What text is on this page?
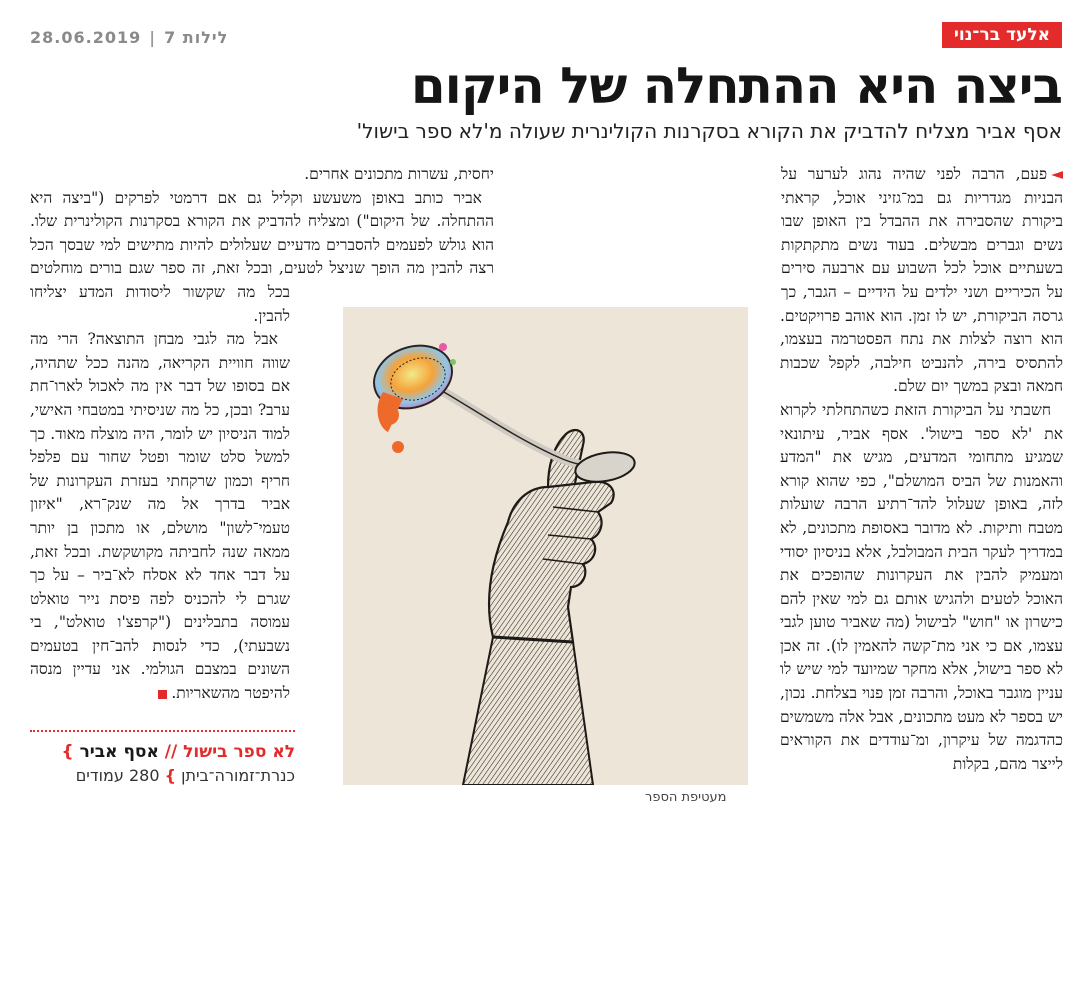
28.06.2019 | 7 לילות	אלעד בר־נוי
ביצה היא ההתחלה של היקום
אסף אביר מצליח להדביק את הקורא בסקרנות הקולינרית שעולה מ'לא ספר בישול'

◄פעם, הרבה לפני שהיה נהוג לערער על הבניות מגדריות גם במ־גזיני אוכל, קראתי ביקורת שהסבירה את ההבדל בין האופן שבו נשים וגברים מבשלים. בעוד נשים מתקתקות בשעתיים אוכל לכל השבוע עם ארבעה סירים על הכיריים ושני ילדים על הידיים – הגבר, כך גרסה הביקורת, יש לו זמן. הוא אוהב פרויקטים. הוא רוצה לצלות את נתח הפסטרמה בעצמו, להתסיס בירה, להנביט חילבה, לקפל שכבות חמאה ובצק במשך יום שלם.

חשבתי על הביקורת הזאת כשהתחלתי לקרוא את 'לא ספר בישול'. אסף אביר, עיתונאי שמגיע מתחומי המדעים, מגיש את "המדע והאמנות של הביס המושלם", כפי שהוא קורא לזה, באופן שעלול להד־רתיע הרבה שועלות מטבח ותיקות. לא מדובר באסופת מתכונים, לא במדריך לעקר הבית המבולבל, אלא בניסיון יסודי ומעמיק להבין את העקרונות שהופכים את האוכל לטעים ולהגיש אותם גם למי שאין להם כישרון או "חוש" לבישול (מה שאביר טוען לגבי עצמו, אם כי אני מת־קשה להאמין לו). זה אכן לא ספר בישול, אלא מחקר שמיועד למי שיש לו עניין מוגבר באוכל, והרבה זמן פנוי בצלחת. נכון, יש בספר לא מעט מתכונים, אבל אלה משמשים כהדגמה של עיקרון, ומ־עודדים את הקוראים לייצר מהם, בקלות

מעטיפת הספר

יחסית, עשרות מתכונים אחרים.

אביר כותב באופן משעשע וקליל גם אם דרמטי לפרקים ("ביצה היא ההתחלה. של היקום") ומצליח להדביק את הקורא בסקרנות הקולינרית שלו. הוא גולש לפעמים להסברים מדעיים שעלולים להיות מתישים למי שבסך הכל רצה להבין מה הופך שניצל לטעים, ובכל זאת, זה ספר שגם בורים מוחלטים בכל מה שקשור ליסודות המדע יצליחו להבין.

אבל מה לגבי מבחן התוצאה? הרי מה שווה חוויית הקריאה, מהנה ככל שתהיה, אם בסופו של דבר אין מה לאכול לארו־חת ערב? ובכן, כל מה שניסיתי במטבחי האישי, למוד הניסיון יש לומר, היה מוצלח מאוד. כך למשל סלט שומר ופטל שחור עם פלפל חריף וכמון שרקחתי בעזרת העקרונות של אביר בדרך אל מה שנק־רא, "איזון טעמי־לשון" מושלם, או מתכון בן יותר ממאה שנה לחביתה מקושקשת. ובכל זאת, על דבר אחד לא אסלח לא־ביר – על כך שגרם לי להכניס לפה פיסת נייר טואלט עמוסה בתבלינים ("קרפצ'ו טואלט", בי נשבעתי), כדי לנסות להב־חין בטעמים השונים במצבם הגולמי. אני עדיין מנסה להיפטר מהשאריות.

לא ספר בישול // אסף אביר }
כנרת־זמורה־ביתן } 280 עמודים
